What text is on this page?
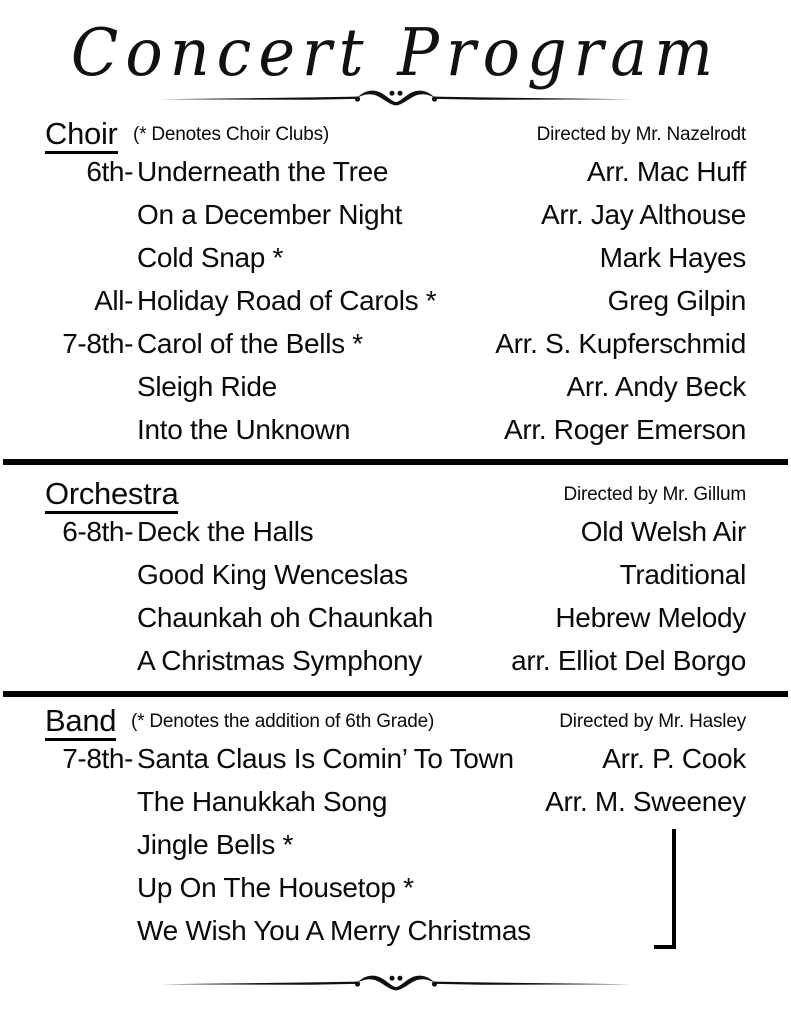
Concert Program
Choir (* Denotes Choir Clubs)	Directed by Mr. Nazelrodt
6th- Underneath the Tree	Arr. Mac Huff
On a December Night	Arr. Jay Althouse
Cold Snap *	Mark Hayes
All- Holiday Road of Carols *	Greg Gilpin
7-8th- Carol of the Bells *	Arr. S. Kupferschmid
Sleigh Ride	Arr. Andy Beck
Into the Unknown	Arr. Roger Emerson
Orchestra	Directed by Mr. Gillum
6-8th- Deck the Halls	Old Welsh Air
Good King Wenceslas	Traditional
Chaunkah oh Chaunkah	Hebrew Melody
A Christmas Symphony	arr. Elliot Del Borgo
Band (* Denotes the addition of 6th Grade)	Directed by Mr. Hasley
7-8th- Santa Claus Is Comin’ To Town	Arr. P. Cook
The Hanukkah Song	Arr. M. Sweeney
Jingle Bells *
Up On The Housetop *
We Wish You A Merry Christmas
